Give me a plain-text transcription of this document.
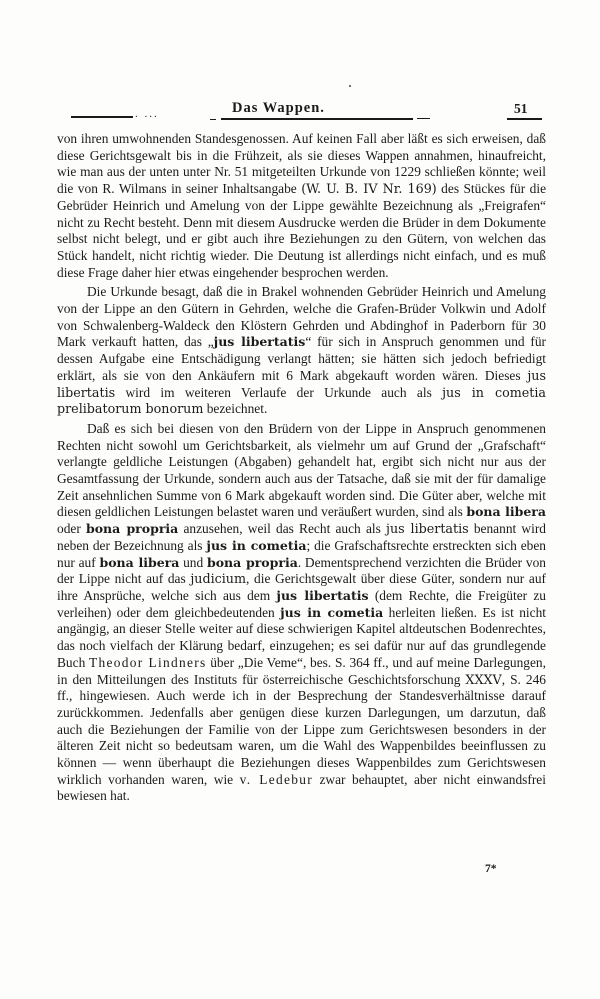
. ...	Das Wappen.	51

von ihren umwohnenden Standesgenossen. Auf keinen Fall aber läßt es sich erweisen, daß diese Gerichtsgewalt bis in die Frühzeit, als sie dieses Wappen annahmen, hinaufreicht, wie man aus der unten unter Nr. 51 mitgeteilten Urkunde von 1229 schließen könnte; weil die von R. Wilmans in seiner Inhaltsangabe (W. U. B. IV Nr. 169) des Stückes für die Gebrüder Heinrich und Amelung von der Lippe gewählte Bezeichnung als „Freigrafen“ nicht zu Recht besteht. Denn mit diesem Ausdrucke werden die Brüder in dem Dokumente selbst nicht belegt, und er gibt auch ihre Beziehungen zu den Gütern, von welchen das Stück handelt, nicht richtig wieder. Die Deutung ist allerdings nicht einfach, und es muß diese Frage daher hier etwas eingehender besprochen werden.

Die Urkunde besagt, daß die in Brakel wohnenden Gebrüder Heinrich und Amelung von der Lippe an den Gütern in Gehrden, welche die Grafen-Brüder Volkwin und Adolf von Schwalenberg-Waldeck den Klöstern Gehrden und Abdinghof in Paderborn für 30 Mark verkauft hatten, das „jus libertatis“ für sich in Anspruch genommen und für dessen Aufgabe eine Entschädigung verlangt hätten; sie hätten sich jedoch befriedigt erklärt, als sie von den Ankäufern mit 6 Mark abgekauft worden wären. Dieses jus libertatis wird im weiteren Verlaufe der Urkunde auch als jus in cometia prelibatorum bonorum bezeichnet.

Daß es sich bei diesen von den Brüdern von der Lippe in Anspruch genommenen Rechten nicht sowohl um Gerichtsbarkeit, als vielmehr um auf Grund der „Grafschaft“ verlangte geldliche Leistungen (Abgaben) gehandelt hat, ergibt sich nicht nur aus der Gesamtfassung der Urkunde, sondern auch aus der Tatsache, daß sie mit der für damalige Zeit ansehnlichen Summe von 6 Mark abgekauft worden sind. Die Güter aber, welche mit diesen geldlichen Leistungen belastet waren und veräußert wurden, sind als bona libera oder bona propria anzusehen, weil das Recht auch als jus libertatis benannt wird neben der Bezeichnung als jus in cometia; die Grafschaftsrechte erstreckten sich eben nur auf bona libera und bona propria. Dementsprechend verzichten die Brüder von der Lippe nicht auf das judicium, die Gerichtsgewalt über diese Güter, sondern nur auf ihre Ansprüche, welche sich aus dem jus libertatis (dem Rechte, die Freigüter zu verleihen) oder dem gleichbedeutenden jus in cometia herleiten ließen. Es ist nicht angängig, an dieser Stelle weiter auf diese schwierigen Kapitel altdeutschen Bodenrechtes, das noch vielfach der Klärung bedarf, einzugehen; es sei dafür nur auf das grundlegende Buch Theodor Lindners über „Die Veme“, bes. S. 364 ff., und auf meine Darlegungen, in den Mitteilungen des Instituts für österreichische Geschichtsforschung XXXV, S. 246 ff., hingewiesen. Auch werde ich in der Besprechung der Standesverhältnisse darauf zurückkommen. Jedenfalls aber genügen diese kurzen Darlegungen, um darzutun, daß auch die Beziehungen der Familie von der Lippe zum Gerichtswesen besonders in der älteren Zeit nicht so bedeutsam waren, um die Wahl des Wappenbildes beeinflussen zu können — wenn überhaupt die Beziehungen dieses Wappenbildes zum Gerichtswesen wirklich vorhanden waren, wie v. Ledebur zwar behauptet, aber nicht einwandsfrei bewiesen hat.

7*
